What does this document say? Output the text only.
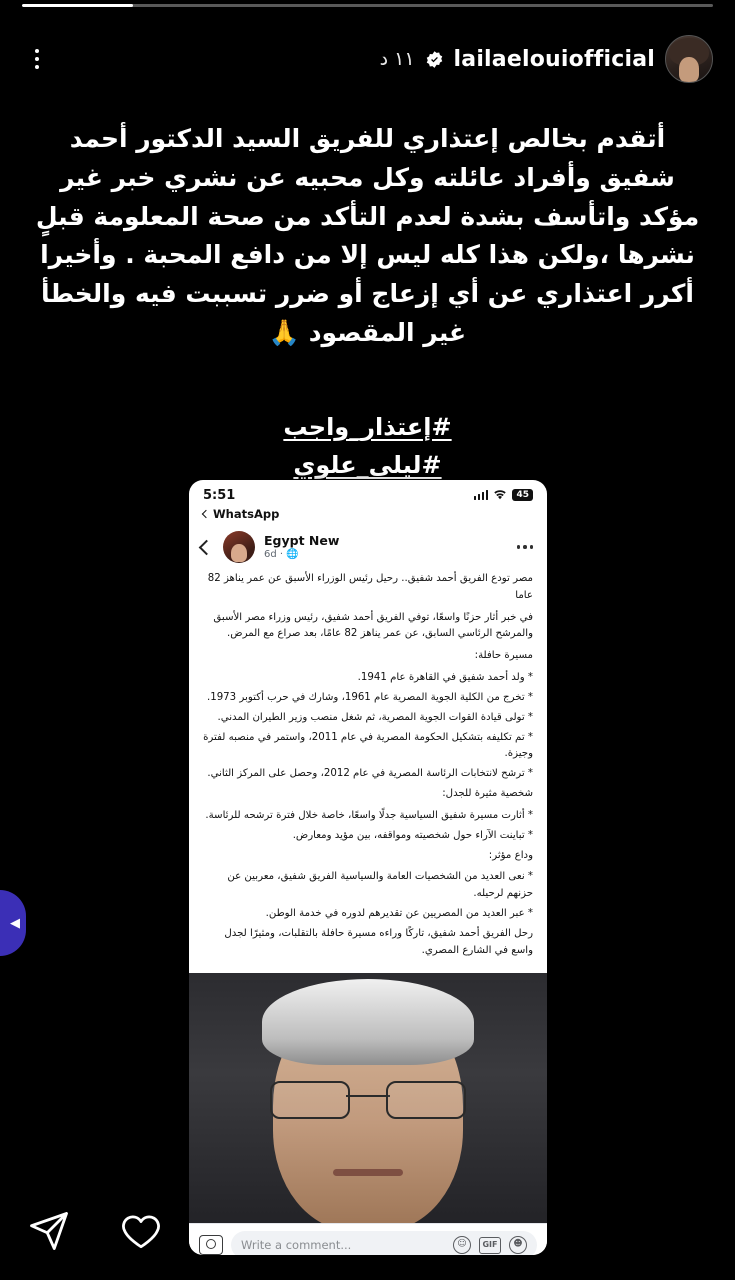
lailaelouiofficial
١١ د
أتقدم بخالص إعتذاري للفريق السيد الدكتور أحمد شفيق وأفراد عائلته وكل محبيه عن نشري خبر غير مؤكد واتأسف بشدة لعدم التأكد من صحة المعلومة قبلٍ نشرها ،ولكن هذا كله ليس إلا من دافع المحبة . وأخيرا أكرر اعتذاري عن أي إزعاج أو ضرر تسببت فيه والخطأ غير المقصود 🙏
#إعتذار_واجب
#ليلى_علوي
5:51	45
WhatsApp
Egypt New
6d · 🌐

مصر تودع الفريق أحمد شفيق.. رحيل رئيس الوزراء الأسبق عن عمر يناهز 82 عاما

في خبر أثار حزنًا واسعًا، توفي الفريق أحمد شفيق، رئيس وزراء مصر الأسبق والمرشح الرئاسي السابق، عن عمر يناهز 82 عامًا، بعد صراع مع المرض.

مسيرة حافلة:

* ولد أحمد شفيق في القاهرة عام 1941.
* تخرج من الكلية الجوية المصرية عام 1961، وشارك في حرب أكتوبر 1973.
* تولى قيادة القوات الجوية المصرية، ثم شغل منصب وزير الطيران المدني.
* تم تكليفه بتشكيل الحكومة المصرية في عام 2011، واستمر في منصبه لفترة وجيزة.
* ترشح لانتخابات الرئاسة المصرية في عام 2012، وحصل على المركز الثاني.

شخصية مثيرة للجدل:

* أثارت مسيرة شفيق السياسية جدلًا واسعًا، خاصة خلال فترة ترشحه للرئاسة.
* تباينت الآراء حول شخصيته ومواقفه، بين مؤيد ومعارض.

وداع مؤثر:

* نعى العديد من الشخصيات العامة والسياسية الفريق شفيق، معربين عن حزنهم لرحيله.
* عبر العديد من المصريين عن تقديرهم لدوره في خدمة الوطن.

رحل الفريق أحمد شفيق، تاركًا وراءه مسيرة حافلة بالتقلبات، ومثيرًا لجدل واسع في الشارع المصري.

Write a comment...	☺	GIF	☻
◀
